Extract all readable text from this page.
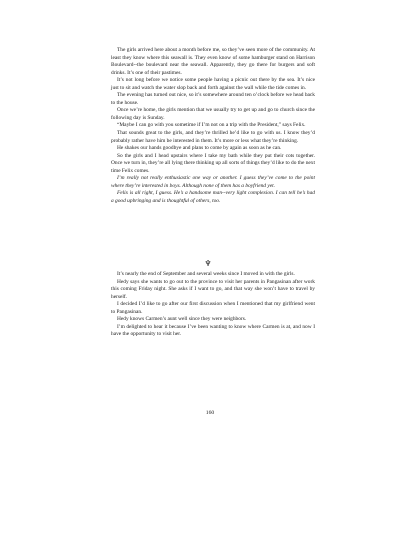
The girls arrived here about a month before me, so they’ve seen more of the community. At least they know where this seawall is. They even know of some hamburger stand on Harrison Boulevard--the boulevard near the seawall. Apparently, they go there for burgers and soft drinks. It’s one of their pastimes.

It’s not long before we notice some people having a picnic out there by the sea. It’s nice just to sit and watch the water slop back and forth against the wall while the tide comes in.

The evening has turned out nice, so it’s somewhere around ten o’clock before we head back to the house.

Once we’re home, the girls mention that we usually try to get up and go to church since the following day is Sunday.

“Maybe I can go with you sometime if I’m not on a trip with the President,” says Felix.

That sounds great to the girls, and they’re thrilled he’d like to go with us. I know they’d probably rather have him be interested in them. It’s more or less what they’re thinking.

He shakes our hands goodbye and plans to come by again as soon as he can.

So the girls and I head upstairs where I take my bath while they put their cots together. Once we turn in, they’re all lying there thinking up all sorts of things they’d like to do the next time Felix comes.

I’m really not really enthusiastic one way or another. I guess they’ve come to the point where they’re interested in boys. Although none of them has a boyfriend yet.

Felix is all right, I guess. He’s a handsome man--very light complexion. I can tell he’s had a good upbringing and is thoughtful of others, too.

♆

It’s nearly the end of September and several weeks since I moved in with the girls.

Hedy says she wants to go out to the province to visit her parents in Pangasinan after work this coming Friday night. She asks if I want to go, and that way she won’t have to travel by herself.

I decided I’d like to go after our first discussion when I mentioned that my girlfriend went to Pangasinan.

Hedy knows Carmen’s aunt well since they were neighbors.

I’m delighted to hear it because I’ve been wanting to know where Carmen is at, and now I have the opportunity to visit her.

160
